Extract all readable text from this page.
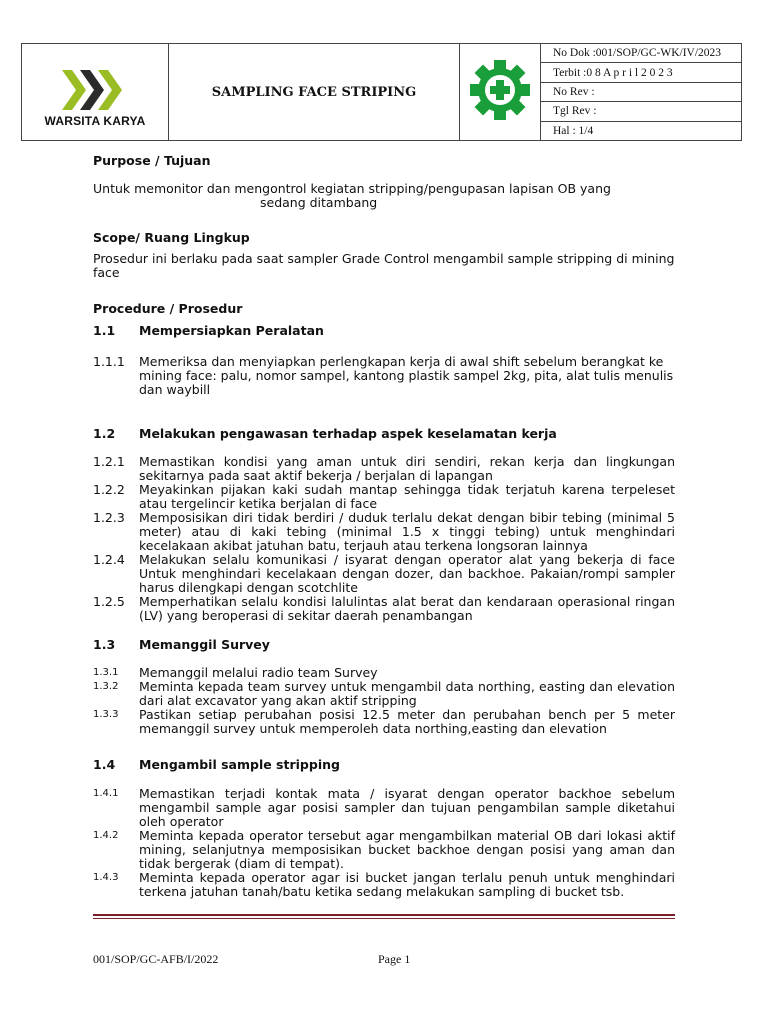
WARSITA KARYA
	SAMPLING FACE STRIPING		No Dok :001/SOP/GC-WK/IV/2023
Terbit :0 8 A p r i l 2 0 2 3
No Rev :
Tgl Rev :
Hal : 1/4

Purpose / Tujuan

Untuk memonitor dan mengontrol kegiatan stripping/pengupasan lapisan OB yang

sedang ditambang

Scope/ Ruang Lingkup

Prosedur ini berlaku pada saat sampler Grade Control mengambil sample stripping di mining face

Procedure / Prosedur

1.1	Mempersiapkan Peralatan
1.1.1	Memeriksa dan menyiapkan perlengkapan kerja di awal shift sebelum berangkat ke mining face: palu, nomor sampel, kantong plastik sampel 2kg, pita, alat tulis menulis dan waybill
1.2	Melakukan pengawasan terhadap aspek keselamatan kerja
1.2.1	Memastikan kondisi yang aman untuk diri sendiri, rekan kerja dan lingkungan sekitarnya pada saat aktif bekerja / berjalan di lapangan
1.2.2	Meyakinkan pijakan kaki sudah mantap sehingga tidak terjatuh karena terpeleset atau tergelincir ketika berjalan di face
1.2.3	Memposisikan diri tidak berdiri / duduk terlalu dekat dengan bibir tebing (minimal 5 meter) atau di kaki tebing (minimal 1.5 x tinggi tebing) untuk menghindari kecelakaan akibat jatuhan batu, terjauh atau terkena longsoran lainnya
1.2.4	Melakukan selalu komunikasi / isyarat dengan operator alat yang bekerja di face Untuk menghindari kecelakaan dengan dozer, dan backhoe. Pakaian/rompi sampler harus dilengkapi dengan scotchlite
1.2.5	Memperhatikan selalu kondisi lalulintas alat berat dan kendaraan operasional ringan (LV) yang beroperasi di sekitar daerah penambangan
1.3	Memanggil Survey
1.3.1	Memanggil melalui radio team Survey
1.3.2	Meminta kepada team survey untuk mengambil data northing, easting dan elevation dari alat excavator yang akan aktif stripping
1.3.3	Pastikan setiap perubahan posisi 12.5 meter dan perubahan bench per 5 meter memanggil survey untuk memperoleh data northing,easting dan elevation
1.4	Mengambil sample stripping
1.4.1	Memastikan terjadi kontak mata / isyarat dengan operator backhoe sebelum mengambil sample agar posisi sampler dan tujuan pengambilan sample diketahui oleh operator
1.4.2	Meminta kepada operator tersebut agar mengambilkan material OB dari lokasi aktif mining, selanjutnya memposisikan bucket backhoe dengan posisi yang aman dan tidak bergerak (diam di tempat).
1.4.3	Meminta kepada operator agar isi bucket jangan terlalu penuh untuk menghindari terkena jatuhan tanah/batu ketika sedang melakukan sampling di bucket tsb.
001/SOP/GC-AFB/I/2022	Page 1
